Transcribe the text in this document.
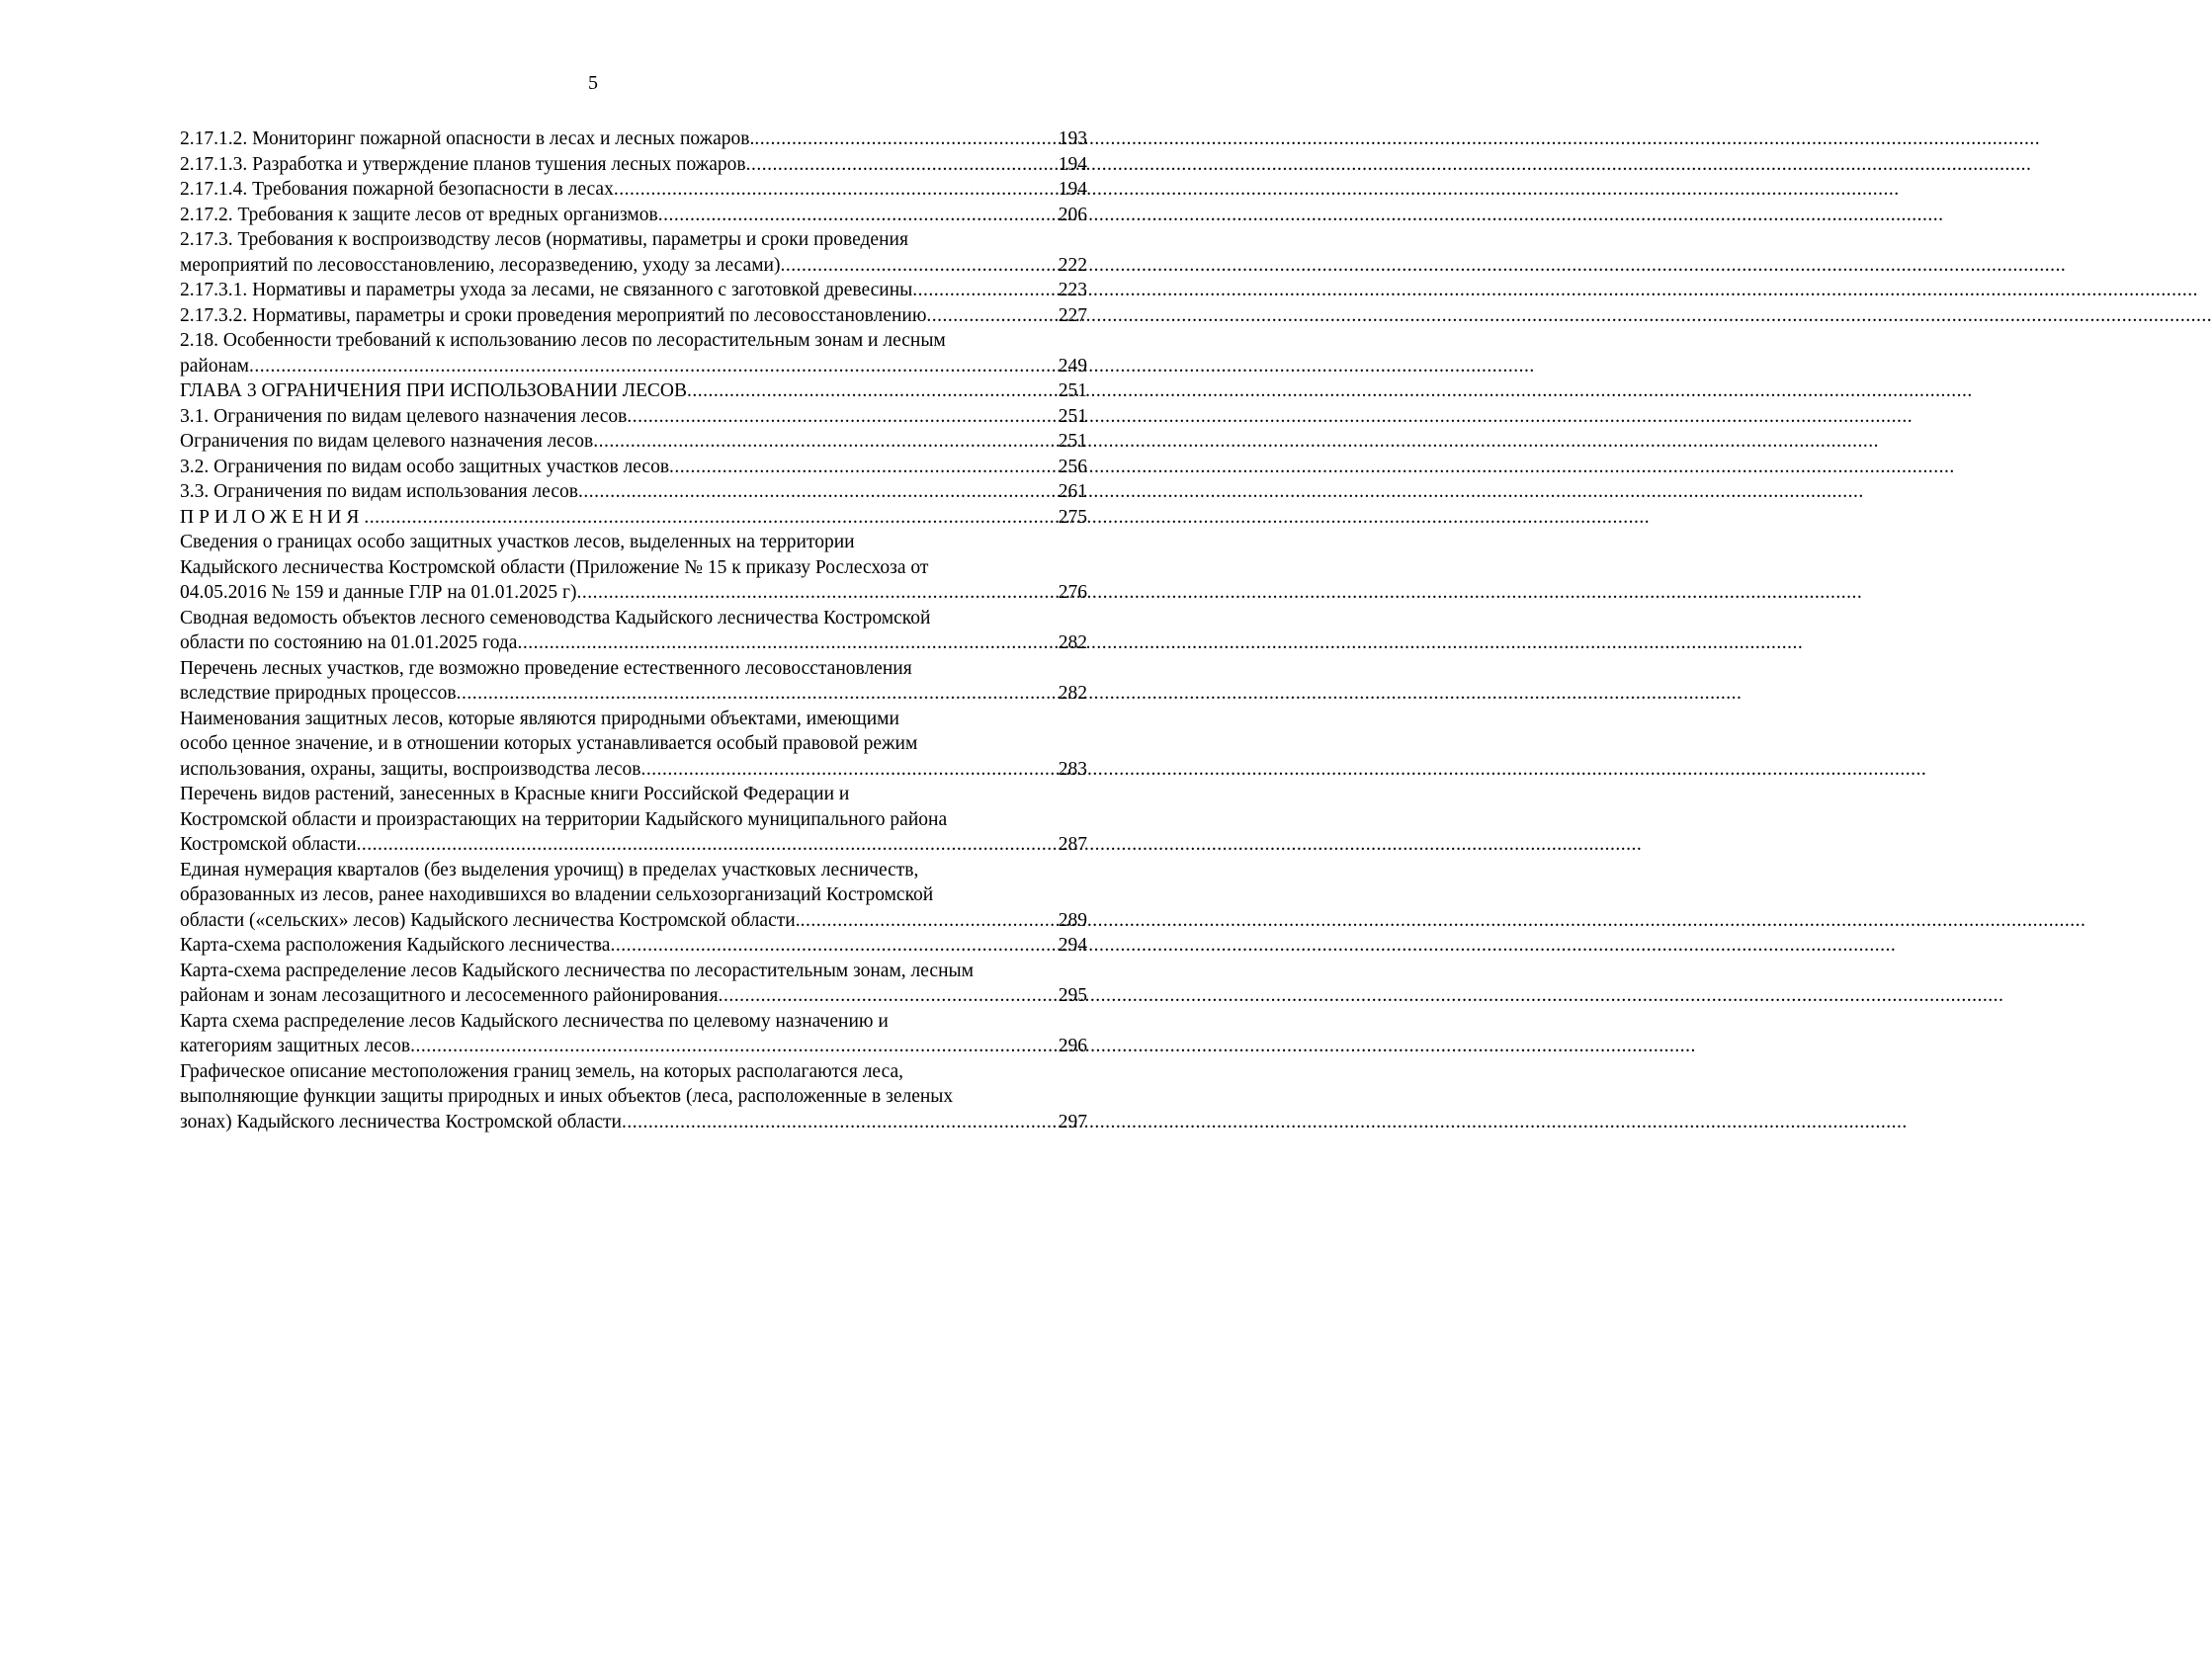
5
2.17.1.2. Мониторинг пожарной опасности в лесах и лесных пожаров. .....	193
2.17.1.3. Разработка и утверждение планов тушения лесных пожаров .....	194
2.17.1.4. Требования пожарной безопасности в лесах .....	194
2.17.2. Требования к защите лесов от вредных организмов .....	206
2.17.3. Требования к воспроизводству лесов (нормативы, параметры и сроки проведения
мероприятий по лесовосстановлению, лесоразведению, уходу за лесами) .....	222
2.17.3.1. Нормативы и параметры ухода за лесами, не связанного с заготовкой древесины .....	223
2.17.3.2. Нормативы, параметры и сроки проведения мероприятий по лесовосстановлению .....	227
2.18. Особенности требований к использованию лесов по лесорастительным зонам и лесным
районам .....	249
ГЛАВА 3 ОГРАНИЧЕНИЯ ПРИ ИСПОЛЬЗОВАНИИ ЛЕСОВ .....	251
3.1. Ограничения по видам целевого назначения лесов .....	251
Ограничения по видам целевого назначения лесов .....	251
3.2. Ограничения по видам особо защитных участков лесов .....	256
3.3. Ограничения по видам использования лесов .....	261
ПРИЛОЖЕНИЯ .....	275
Сведения о границах особо защитных участков лесов, выделенных на территории
Кадыйского лесничества Костромской области (Приложение № 15 к приказу Рослесхоза от
04.05.2016 № 159 и данные ГЛР на 01.01.2025 г) .....	276
Сводная ведомость объектов лесного семеноводства Кадыйского лесничества Костромской
области по состоянию на 01.01.2025 года .....	282
Перечень лесных участков, где возможно проведение естественного лесовосстановления
вследствие природных процессов .....	282
Наименования защитных лесов, которые являются природными объектами, имеющими
особо ценное значение, и в отношении которых устанавливается особый правовой режим
использования, охраны, защиты, воспроизводства лесов .....	283
Перечень видов растений, занесенных в Красные книги Российской Федерации и
Костромской области и произрастающих на территории Кадыйского муниципального района
Костромской области .....	287
Единая нумерация кварталов (без выделения урочищ) в пределах участковых лесничеств,
образованных из лесов, ранее находившихся во владении сельхозорганизаций Костромской
области («сельских» лесов) Кадыйского лесничества Костромской области. .....	289
Карта-схема расположения Кадыйского лесничества .....	294
Карта-схема распределение лесов Кадыйского лесничества по лесорастительным зонам, лесным
районам и зонам лесозащитного и лесосеменного районирования .....	295
Карта схема распределение лесов Кадыйского лесничества по целевому назначению и
категориям защитных лесов .....	296
Графическое описание местоположения границ земель, на которых располагаются леса,
выполняющие функции защиты природных и иных объектов (леса, расположенные в зеленых
зонах) Кадыйского лесничества Костромской области .....	297
